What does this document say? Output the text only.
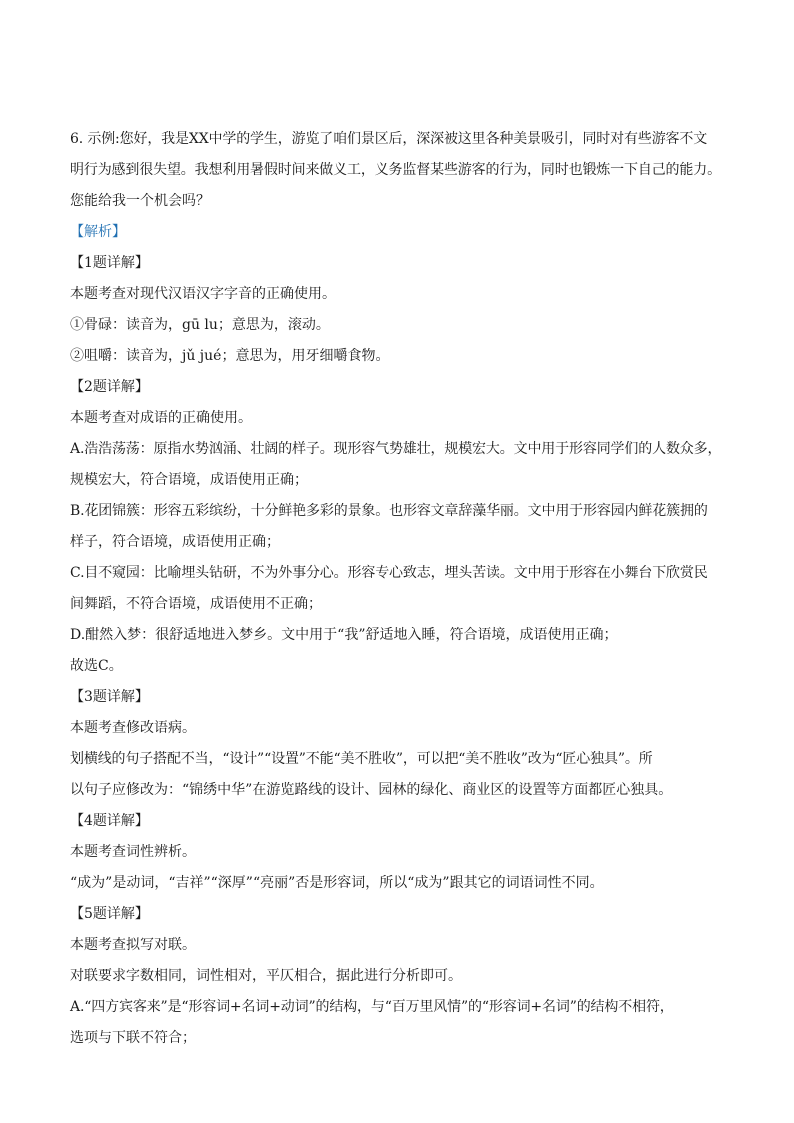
6. 示例:您好，我是XX中学的学生，游览了咱们景区后，深深被这里各种美景吸引，同时对有些游客不文
明行为感到很失望。我想利用暑假时间来做义工，义务监督某些游客的行为，同时也锻炼一下自己的能力。
您能给我一个机会吗？
【解析】
【1题详解】
本题考查对现代汉语汉字字音的正确使用。
①骨碌：读音为，gū lu；意思为，滚动。
②咀嚼：读音为，jǔ jué；意思为，用牙细嚼食物。
【2题详解】
本题考查对成语的正确使用。
A.浩浩荡荡：原指水势汹涌、壮阔的样子。现形容气势雄壮，规模宏大。文中用于形容同学们的人数众多，
规模宏大，符合语境，成语使用正确；
B.花团锦簇：形容五彩缤纷，十分鲜艳多彩的景象。也形容文章辞藻华丽。文中用于形容园内鲜花簇拥的
样子，符合语境，成语使用正确；
C.目不窥园：比喻埋头钻研，不为外事分心。形容专心致志，埋头苦读。文中用于形容在小舞台下欣赏民
间舞蹈，不符合语境，成语使用不正确；
D.酣然入梦：很舒适地进入梦乡。文中用于“我”舒适地入睡，符合语境，成语使用正确；
故选C。
【3题详解】
本题考查修改语病。
划横线的句子搭配不当，“设计”“设置”不能“美不胜收”，可以把“美不胜收”改为“匠心独具”。所
以句子应修改为：“锦绣中华”在游览路线的设计、园林的绿化、商业区的设置等方面都匠心独具。
【4题详解】
本题考查词性辨析。
“成为”是动词，“吉祥”“深厚”“亮丽”否是形容词，所以“成为”跟其它的词语词性不同。
【5题详解】
本题考查拟写对联。
对联要求字数相同，词性相对，平仄相合，据此进行分析即可。
A.“四方宾客来”是“形容词+名词+动词”的结构，与“百万里风情”的“形容词+名词”的结构不相符，
选项与下联不符合；
